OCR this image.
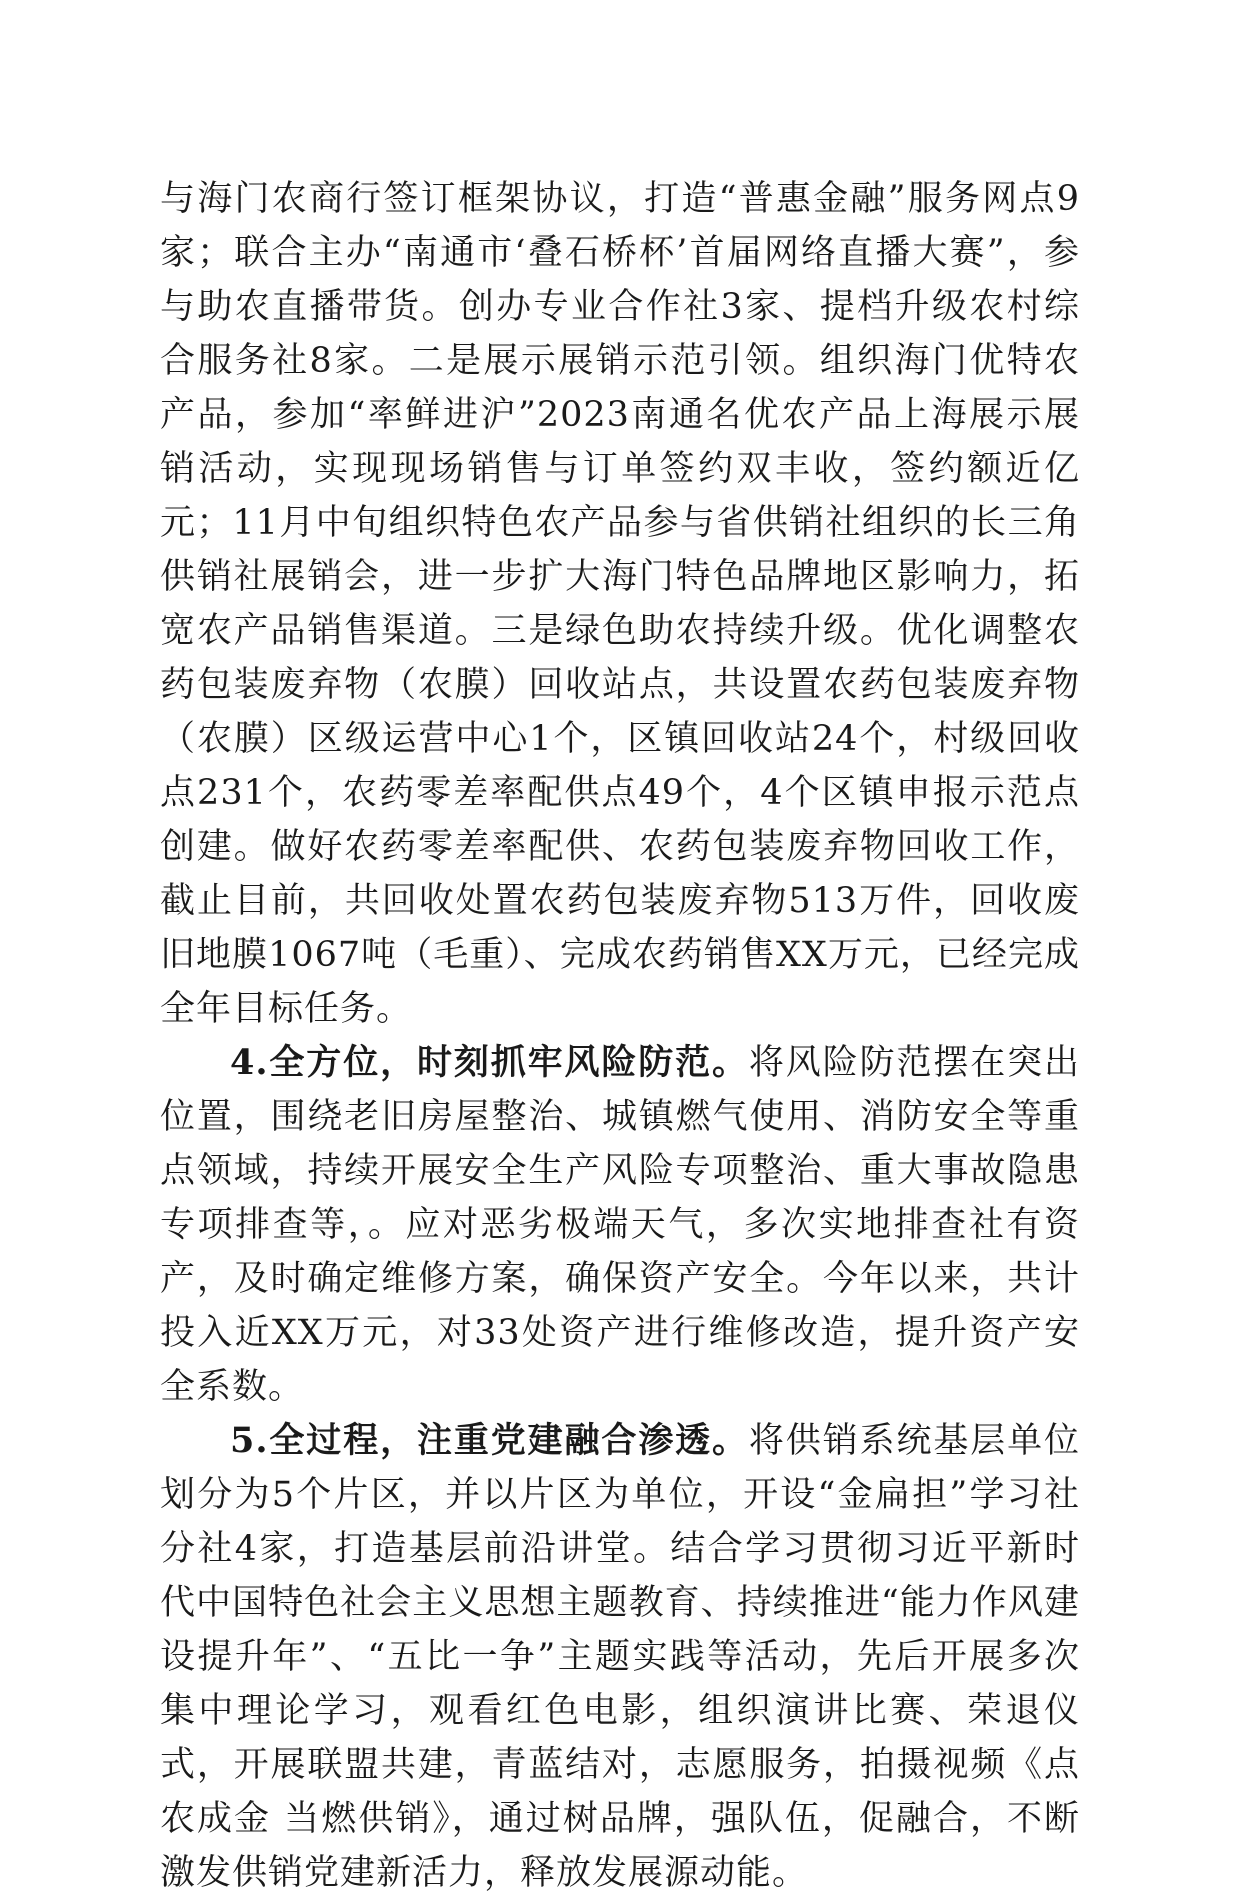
与海门农商行签订框架协议，打造“普惠金融”服务网点9家；联合主办“南通市‘叠石桥杯’首届网络直播大赛”，参与助农直播带货。创办专业合作社3家、提档升级农村综合服务社8家。二是展示展销示范引领。组织海门优特农产品，参加“率鲜进沪”2023南通名优农产品上海展示展销活动，实现现场销售与订单签约双丰收，签约额近亿元；11月中旬组织特色农产品参与省供销社组织的长三角供销社展销会，进一步扩大海门特色品牌地区影响力，拓宽农产品销售渠道。三是绿色助农持续升级。优化调整农药包装废弃物（农膜）回收站点，共设置农药包装废弃物（农膜）区级运营中心1个，区镇回收站24个，村级回收点231个，农药零差率配供点49个，4个区镇申报示范点创建。做好农药零差率配供、农药包装废弃物回收工作，截止目前，共回收处置农药包装废弃物513万件，回收废旧地膜1067吨（毛重）、完成农药销售XX万元，已经完成全年目标任务。

4.全方位，时刻抓牢风险防范。将风险防范摆在突出位置，围绕老旧房屋整治、城镇燃气使用、消防安全等重点领域，持续开展安全生产风险专项整治、重大事故隐患专项排查等，。应对恶劣极端天气，多次实地排查社有资产，及时确定维修方案，确保资产安全。今年以来，共计投入近XX万元，对33处资产进行维修改造，提升资产安全系数。

5.全过程，注重党建融合渗透。将供销系统基层单位划分为5个片区，并以片区为单位，开设“金扁担”学习社分社4家，打造基层前沿讲堂。结合学习贯彻习近平新时代中国特色社会主义思想主题教育、持续推进“能力作风建设提升年”、“五比一争”主题实践等活动，先后开展多次集中理论学习，观看红色电影，组织演讲比赛、荣退仪式，开展联盟共建，青蓝结对，志愿服务，拍摄视频《点农成金 当燃供销》，通过树品牌，强队伍，促融合，不断激发供销党建新活力，释放发展源动能。
